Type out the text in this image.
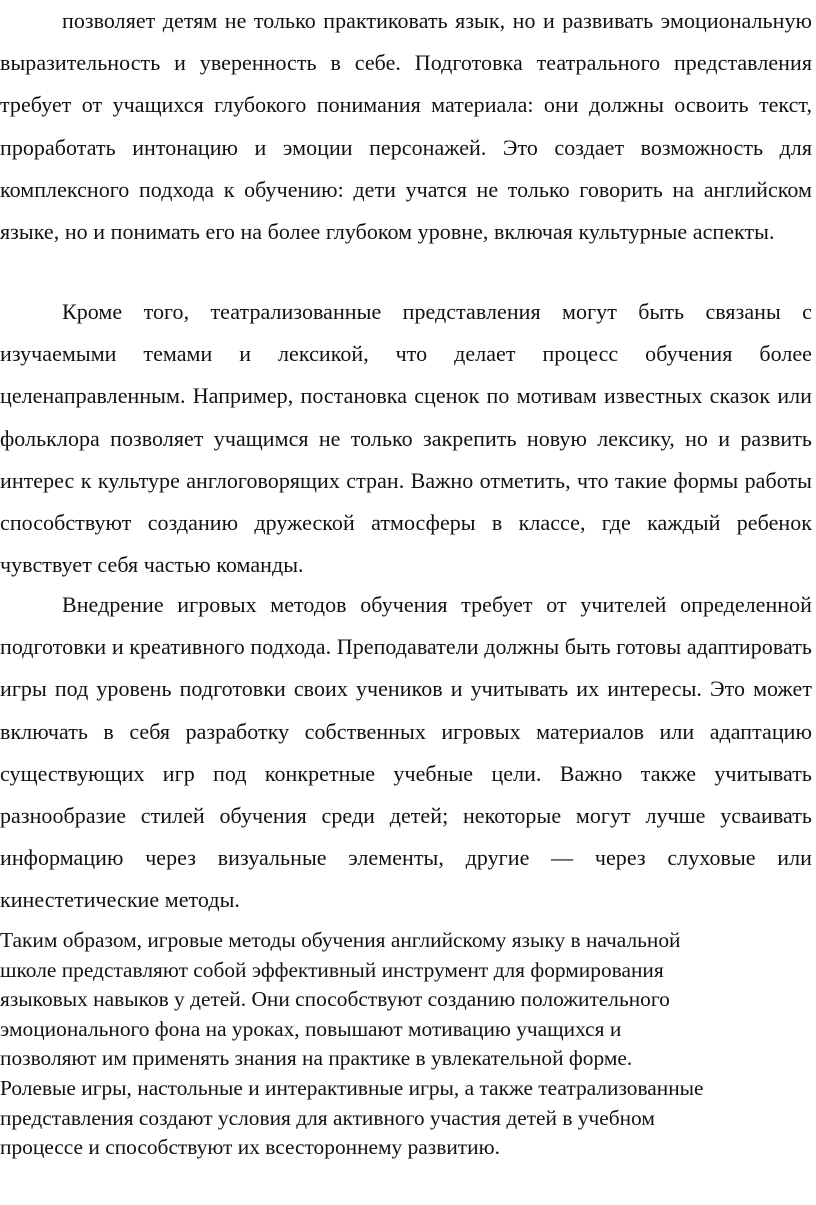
позволяет детям не только практиковать язык, но и развивать эмоциональную выразительность и уверенность в себе. Подготовка театрального представления требует от учащихся глубокого понимания материала: они должны освоить текст, проработать интонацию и эмоции персонажей. Это создает возможность для комплексного подхода к обучению: дети учатся не только говорить на английском языке, но и понимать его на более глубоком уровне, включая культурные аспекты.

Кроме того, театрализованные представления могут быть связаны с изучаемыми темами и лексикой, что делает процесс обучения более целенаправленным. Например, постановка сценок по мотивам известных сказок или фольклора позволяет учащимся не только закрепить новую лексику, но и развить интерес к культуре англоговорящих стран. Важно отметить, что такие формы работы способствуют созданию дружеской атмосферы в классе, где каждый ребенок чувствует себя частью команды.

Внедрение игровых методов обучения требует от учителей определенной подготовки и креативного подхода. Преподаватели должны быть готовы адаптировать игры под уровень подготовки своих учеников и учитывать их интересы. Это может включать в себя разработку собственных игровых материалов или адаптацию существующих игр под конкретные учебные цели. Важно также учитывать разнообразие стилей обучения среди детей; некоторые могут лучше усваивать информацию через визуальные элементы, другие — через слуховые или кинестетические методы.

Таким образом, игровые методы обучения английскому языку в начальной
школе представляют собой эффективный инструмент для формирования
языковых навыков у детей. Они способствуют созданию положительного
эмоционального фона на уроках, повышают мотивацию учащихся и
позволяют им применять знания на практике в увлекательной форме.
Ролевые игры, настольные и интерактивные игры, а также театрализованные
представления создают условия для активного участия детей в учебном
процессе и способствуют их всестороннему развитию.
